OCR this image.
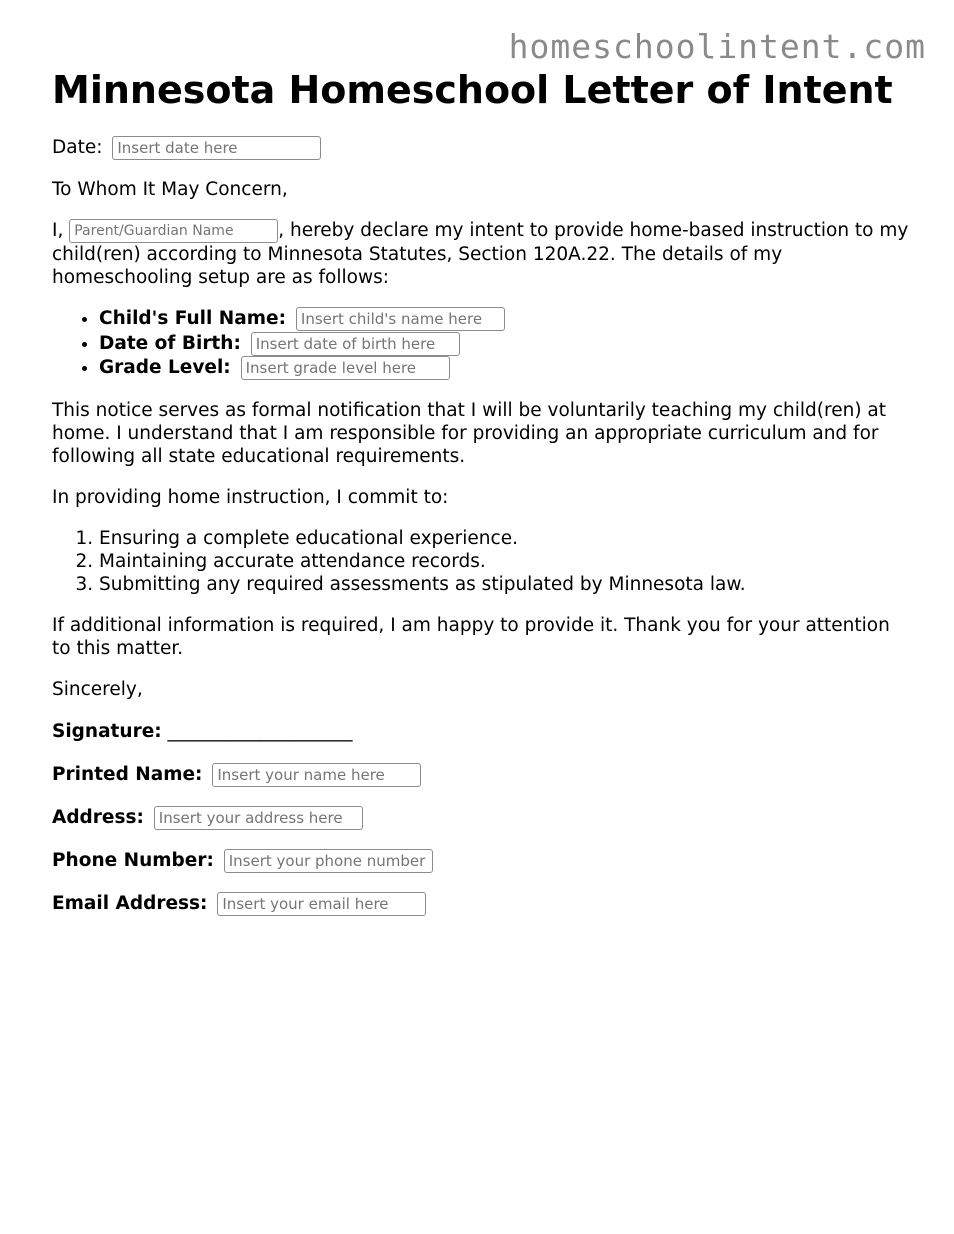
homeschoolintent.com
Minnesota Homeschool Letter of Intent

Date: Insert date here

To Whom It May Concern,

I, Parent/Guardian Name	, hereby declare my intent to provide home-based instruction to my child(ren) according to Minnesota Statutes, Section 120A.22. The details of my homeschooling setup are as follows:

• Child's Full Name: Insert child's name here
• Date of Birth: Insert date of birth here
• Grade Level: Insert grade level here

This notice serves as formal notification that I will be voluntarily teaching my child(ren) at home. I understand that I am responsible for providing an appropriate curriculum and for following all state educational requirements.

In providing home instruction, I commit to:

1. Ensuring a complete educational experience.
2. Maintaining accurate attendance records.
3. Submitting any required assessments as stipulated by Minnesota law.

If additional information is required, I am happy to provide it. Thank you for your attention to this matter.

Sincerely,

Signature: ____________________
Printed Name: Insert your name here
Address: Insert your address here
Phone Number: Insert your phone number
Email Address: Insert your email here
